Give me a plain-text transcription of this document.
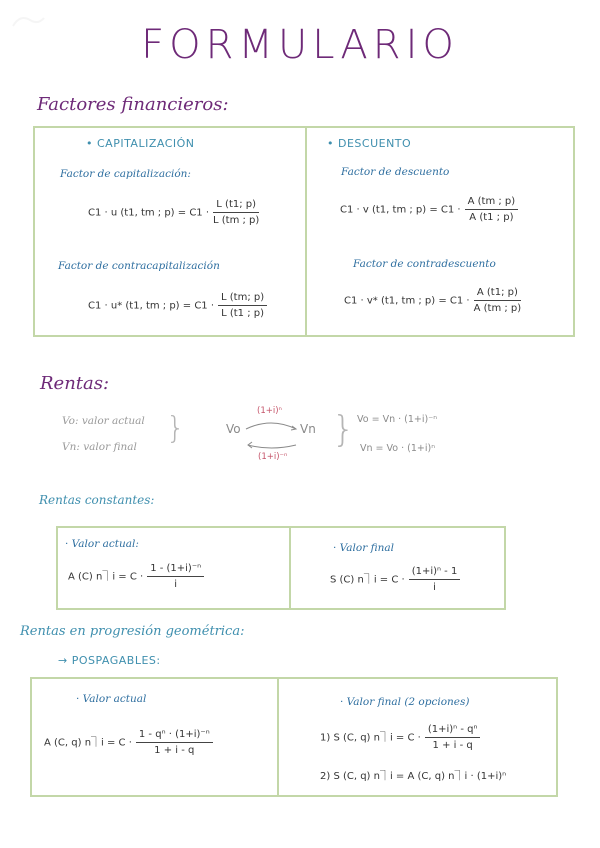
FORMULARIO
Factores financieros:
• CAPITALIZACIÓN	• DESCUENTO
Factor de capitalización:
C1 · u (t1, tm ; $p) = C1 \cdot \frac{L (t1; p)}{L (tm ; p)}$
Factor de contracapitalización
C1 · u* (t1, tm ; $p) = C1 \cdot \frac{L (tm; p)}{L (t1 ; p)}$
Factor de descuento
C1 · v (t1, tm ; $p) = C1 \cdot \frac{A (tm ; p)}{A (t1 ; p)}$
Factor de contradescuento
C1 · v* (t1, tm ; $p) = C1 \cdot \frac{A (t1; p)}{A (tm ; p)}$
Rentas:
Vo: valor actual
Vn: valor final
}	Vo	Vn
(1+i)ⁿ
(1+i)⁻ⁿ
} Vo = Vn · (1+i)⁻ⁿ
Vn = Vo · (1+i)ⁿ
Rentas constantes:
· Valor actual:
A (C) n⏋i = $C \cdot \frac{\text{1 - (1+i)⁻ⁿ}}{i}$
· Valor final
S (C) n⏋i = $C \cdot \frac{\text{(1+i)ⁿ - 1}}{i}$
Rentas en progresión geométrica:
→ POSPAGABLES:
· Valor actual
A (C, q) n⏋i = $C \cdot \frac{\text{1 - qⁿ · (1+i)⁻ⁿ}}{1 + i - q}$
· Valor final (2 opciones)
1) S (C, q) n⏋i = $C \cdot \frac{\text{(1+i)ⁿ - qⁿ}}{1 + i - q}$
2) S (C, q) n⏋i = A (C, q) n⏋i · (1+i)ⁿ
